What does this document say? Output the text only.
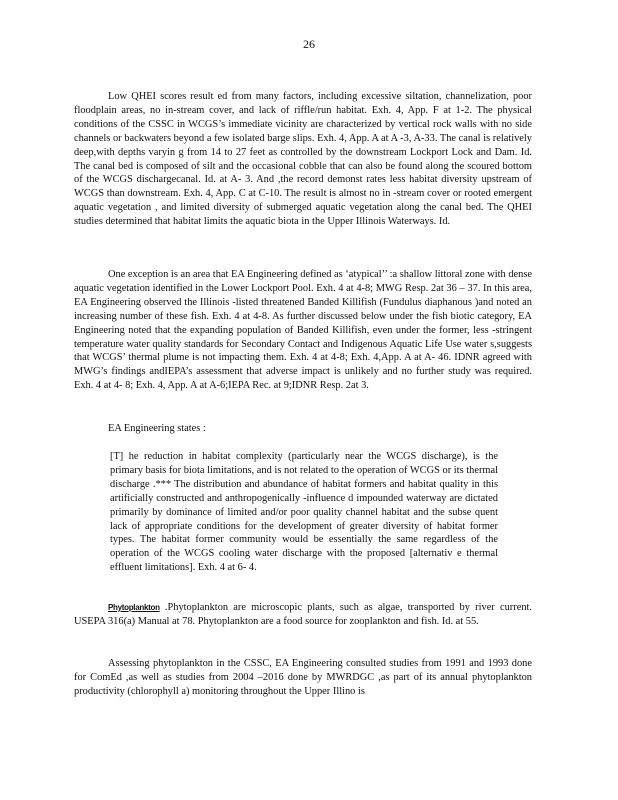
26

Low QHEI scores result ed from many factors, including excessive siltation, channelization, poor floodplain areas, no in-stream cover, and lack of riffle/run habitat. Exh. 4, App. F at 1-2. The physical conditions of the CSSC in WCGS’s immediate vicinity are characterized by vertical rock walls with no side channels or backwaters beyond a few isolated barge slips. Exh. 4, App. A at A -3, A-33. The canal is relatively deep,with depths varyin g from 14 to 27 feet as controlled by the downstream Lockport Lock and Dam. Id. The canal bed is composed of silt and the occasional cobble that can also be found along the scoured bottom of the WCGS dischargecanal. Id. at A- 3. And ,the record demonst rates less habitat diversity upstream of WCGS than downstream. Exh. 4, App. C at C-10. The result is almost no in -stream cover or rooted emergent aquatic vegetation , and limited diversity of submerged aquatic vegetation along the canal bed. The QHEI studies determined that habitat limits the aquatic biota in the Upper Illinois Waterways. Id.

One exception is an area that EA Engineering defined as ‘atypical’’ :a shallow littoral zone with dense aquatic vegetation identified in the Lower Lockport Pool. Exh. 4 at 4-8; MWG Resp. 2at 36 – 37. In this area, EA Engineering observed the Illinois -listed threatened Banded Killifish (Fundulus diaphanous )and noted an increasing number of these fish. Exh. 4 at 4-8. As further discussed below under the fish biotic category, EA Engineering noted that the expanding population of Banded Killifish, even under the former, less -stringent temperature water quality standards for Secondary Contact and Indigenous Aquatic Life Use water s,suggests that WCGS’ thermal plume is not impacting them. Exh. 4 at 4-8; Exh. 4,App. A at A- 46. IDNR agreed with MWG’s findings andIEPA’s assessment that adverse impact is unlikely and no further study was required. Exh. 4 at 4- 8; Exh. 4, App. A at A-6;IEPA Rec. at 9;IDNR Resp. 2at 3.

EA Engineering states :

[T] he reduction in habitat complexity (particularly near the WCGS discharge), is the primary basis for biota limitations, and is not related to the operation of WCGS or its thermal discharge .*** The distribution and abundance of habitat formers and habitat quality in this artificially constructed and anthropogenically -influence d impounded waterway are dictated primarily by dominance of limited and/or poor quality channel habitat and the subse quent lack of appropriate conditions for the development of greater diversity of habitat former types. The habitat former community would be essentially the same regardless of the operation of the WCGS cooling water discharge with the proposed [alternativ e thermal effluent limitations]. Exh. 4 at 6- 4.

Phytoplankton .Phytoplankton are microscopic plants, such as algae, transported by river current. USEPA 316(a) Manual at 78. Phytoplankton are a food source for zooplankton and fish. Id. at 55.

Assessing phytoplankton in the CSSC, EA Engineering consulted studies from 1991 and 1993 done for ComEd ,as well as studies from 2004 –2016 done by MWRDGC ,as part of its annual phytoplankton productivity (chlorophyll a) monitoring throughout the Upper Illino is
